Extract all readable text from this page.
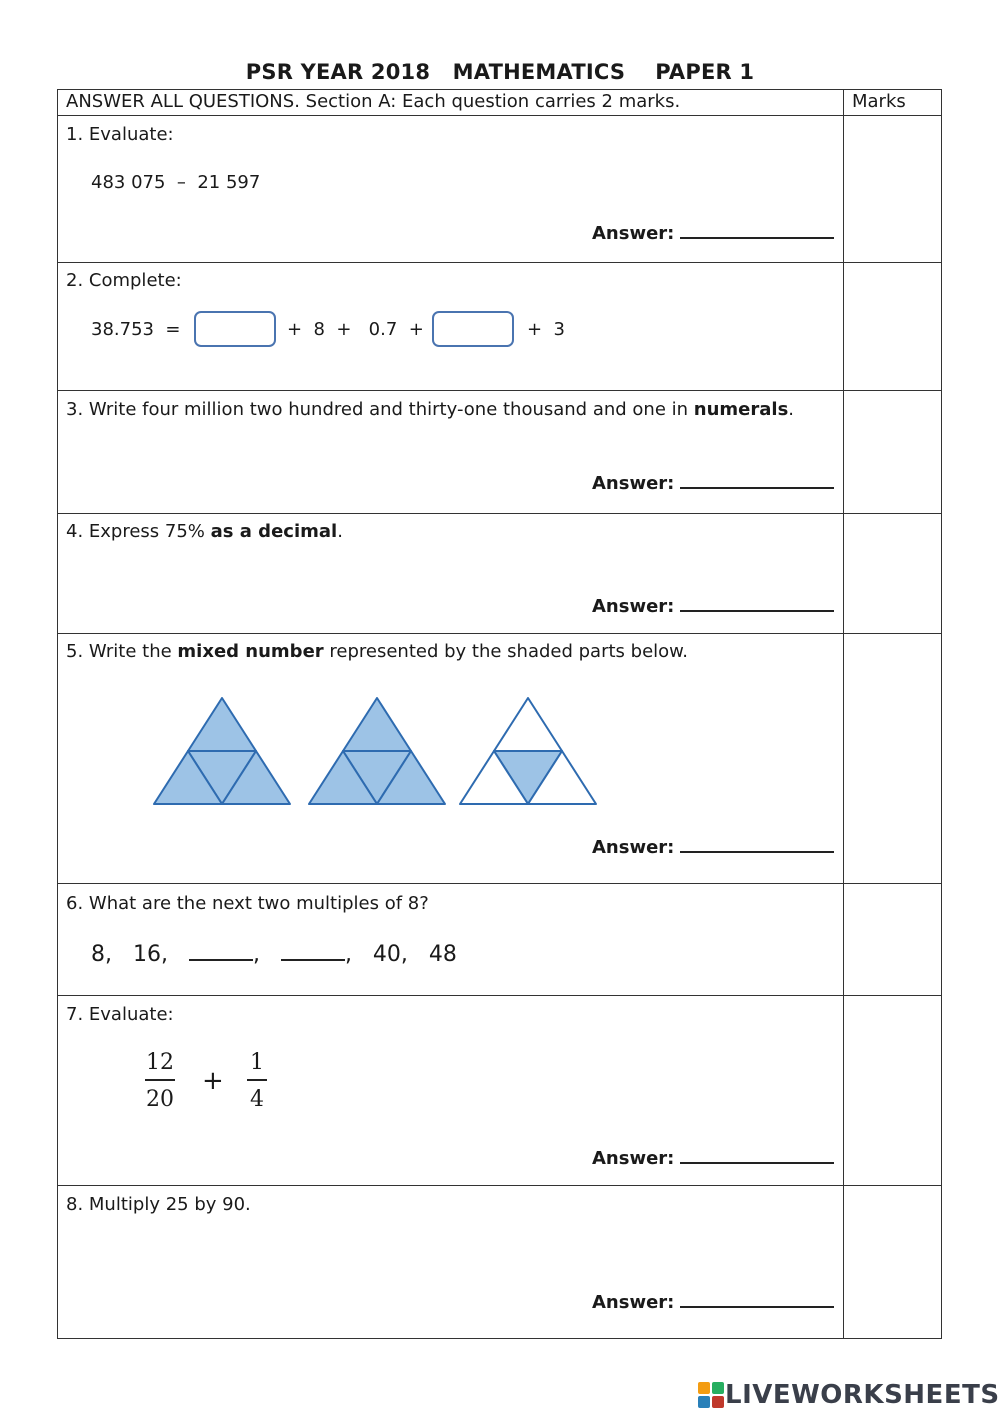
PSR YEAR 2018   MATHEMATICS    PAPER 1
ANSWER ALL QUESTIONS. Section A: Each question carries 2 marks.	Marks
1. Evaluate:
483 075  –  21 597
Answer:
2. Complete:
38.753  =	+  8  +   0.7  +	+  3
3. Write four million two hundred and thirty-one thousand and one in numerals.
Answer:
4. Express 75% as a decimal.
Answer:
5. Write the mixed number represented by the shaded parts below.
Answer:
6. What are the next two multiples of 8?
8,   16,	,	, 40,   48
7. Evaluate:
12
20
+
1
4
Answer:
8. Multiply 25 by 90.
Answer:
LIVEWORKSHEETS
